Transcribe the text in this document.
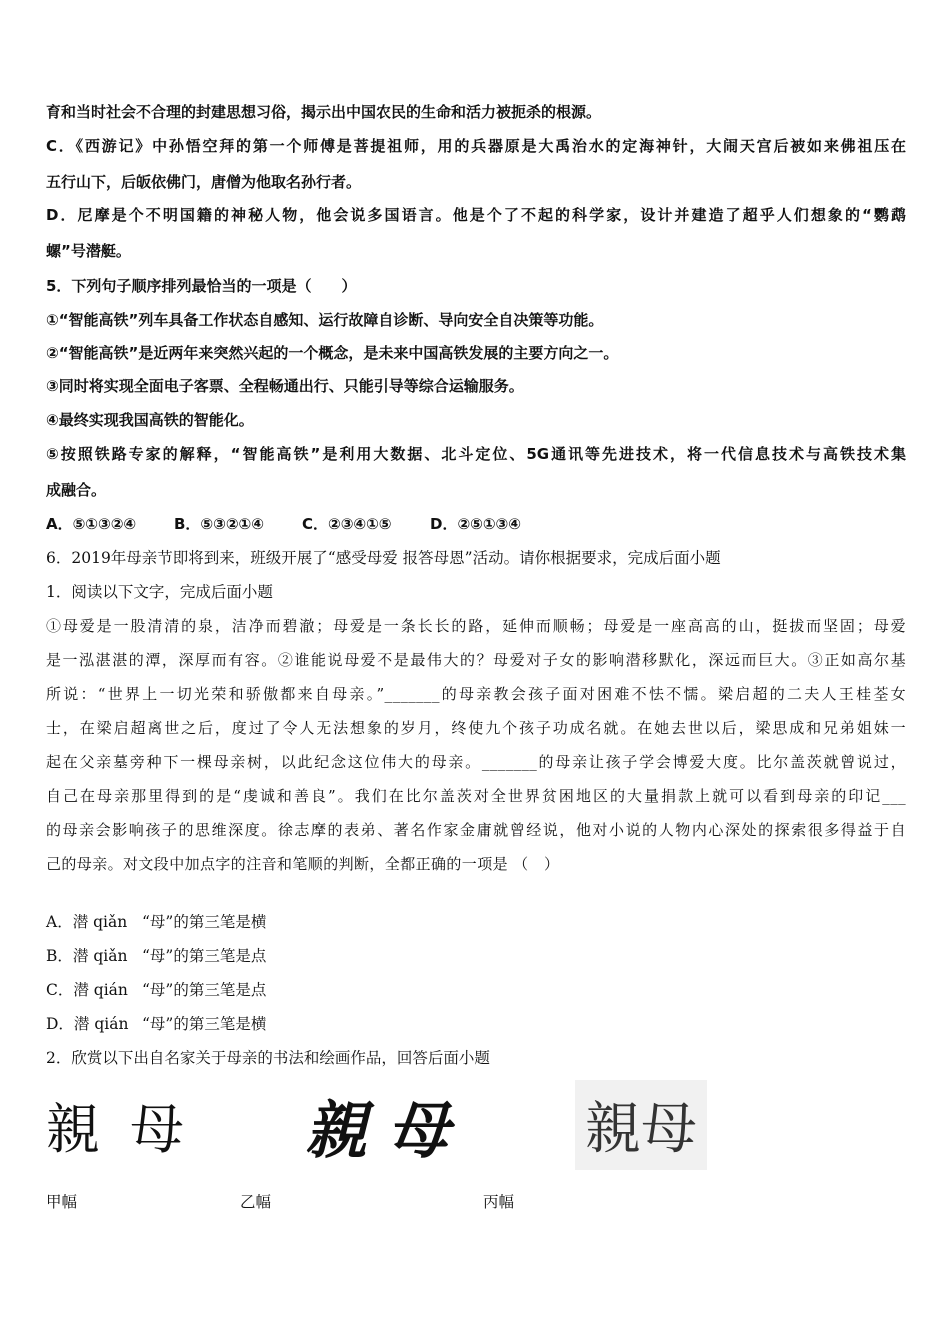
育和当时社会不合理的封建思想习俗，揭示出中国农民的生命和活力被扼杀的根源。
C．《西游记》中孙悟空拜的第一个师傅是菩提祖师，用的兵器原是大禹治水的定海神针，大闹天宫后被如来佛祖压在
五行山下，后皈依佛门，唐僧为他取名孙行者。
D．尼摩是个不明国籍的神秘人物，他会说多国语言。他是个了不起的科学家，设计并建造了超乎人们想象的“鹦鹉
螺”号潜艇。
5．下列句子顺序排列最恰当的一项是（　　）
①“智能高铁”列车具备工作状态自感知、运行故障自诊断、导向安全自决策等功能。
②“智能高铁”是近两年来突然兴起的一个概念，是未来中国高铁发展的主要方向之一。
③同时将实现全面电子客票、全程畅通出行、只能引导等综合运输服务。
④最终实现我国高铁的智能化。
⑤按照铁路专家的解释，“智能高铁”是利用大数据、北斗定位、5G通讯等先进技术，将一代信息技术与高铁技术集
成融合。
A．⑤①③②④	B．⑤③②①④	C．②③④①⑤	D．②⑤①③④
6．2019年母亲节即将到来，班级开展了“感受母爱 报答母恩”活动。请你根据要求，完成后面小题
1．阅读以下文字，完成后面小题
①母爱是一股清清的泉，洁净而碧澈；母爱是一条长长的路，延伸而顺畅；母爱是一座高高的山，挺拔而坚固；母爱
是一泓湛湛的潭，深厚而有容。②谁能说母爱不是最伟大的？母爱对子女的影响潜移默化，深远而巨大。③正如高尔基
所说：“世界上一切光荣和骄傲都来自母亲。”_______的母亲教会孩子面对困难不怯不懦。梁启超的二夫人王桂荃女
士，在梁启超离世之后，度过了令人无法想象的岁月，终使九个孩子功成名就。在她去世以后，梁思成和兄弟姐妹一
起在父亲墓旁种下一棵母亲树，以此纪念这位伟大的母亲。_______的母亲让孩子学会博爱大度。比尔盖茨就曾说过，
自己在母亲那里得到的是“虔诚和善良”。我们在比尔盖茨对全世界贫困地区的大量捐款上就可以看到母亲的印记___
的母亲会影响孩子的思维深度。徐志摩的表弟、著名作家金庸就曾经说，他对小说的人物内心深处的探索很多得益于自
己的母亲。对文段中加点字的注音和笔顺的判断，全都正确的一项是 （　）
A．潜 qiǎn “母”的第三笔是横
B．潜 qiǎn “母”的第三笔是点
C．潜 qián “母”的第三笔是点
D．潜 qián “母”的第三笔是横
2．欣赏以下出自名家关于母亲的书法和绘画作品，回答后面小题
親母	親母	親母
甲幅	乙幅	丙幅
